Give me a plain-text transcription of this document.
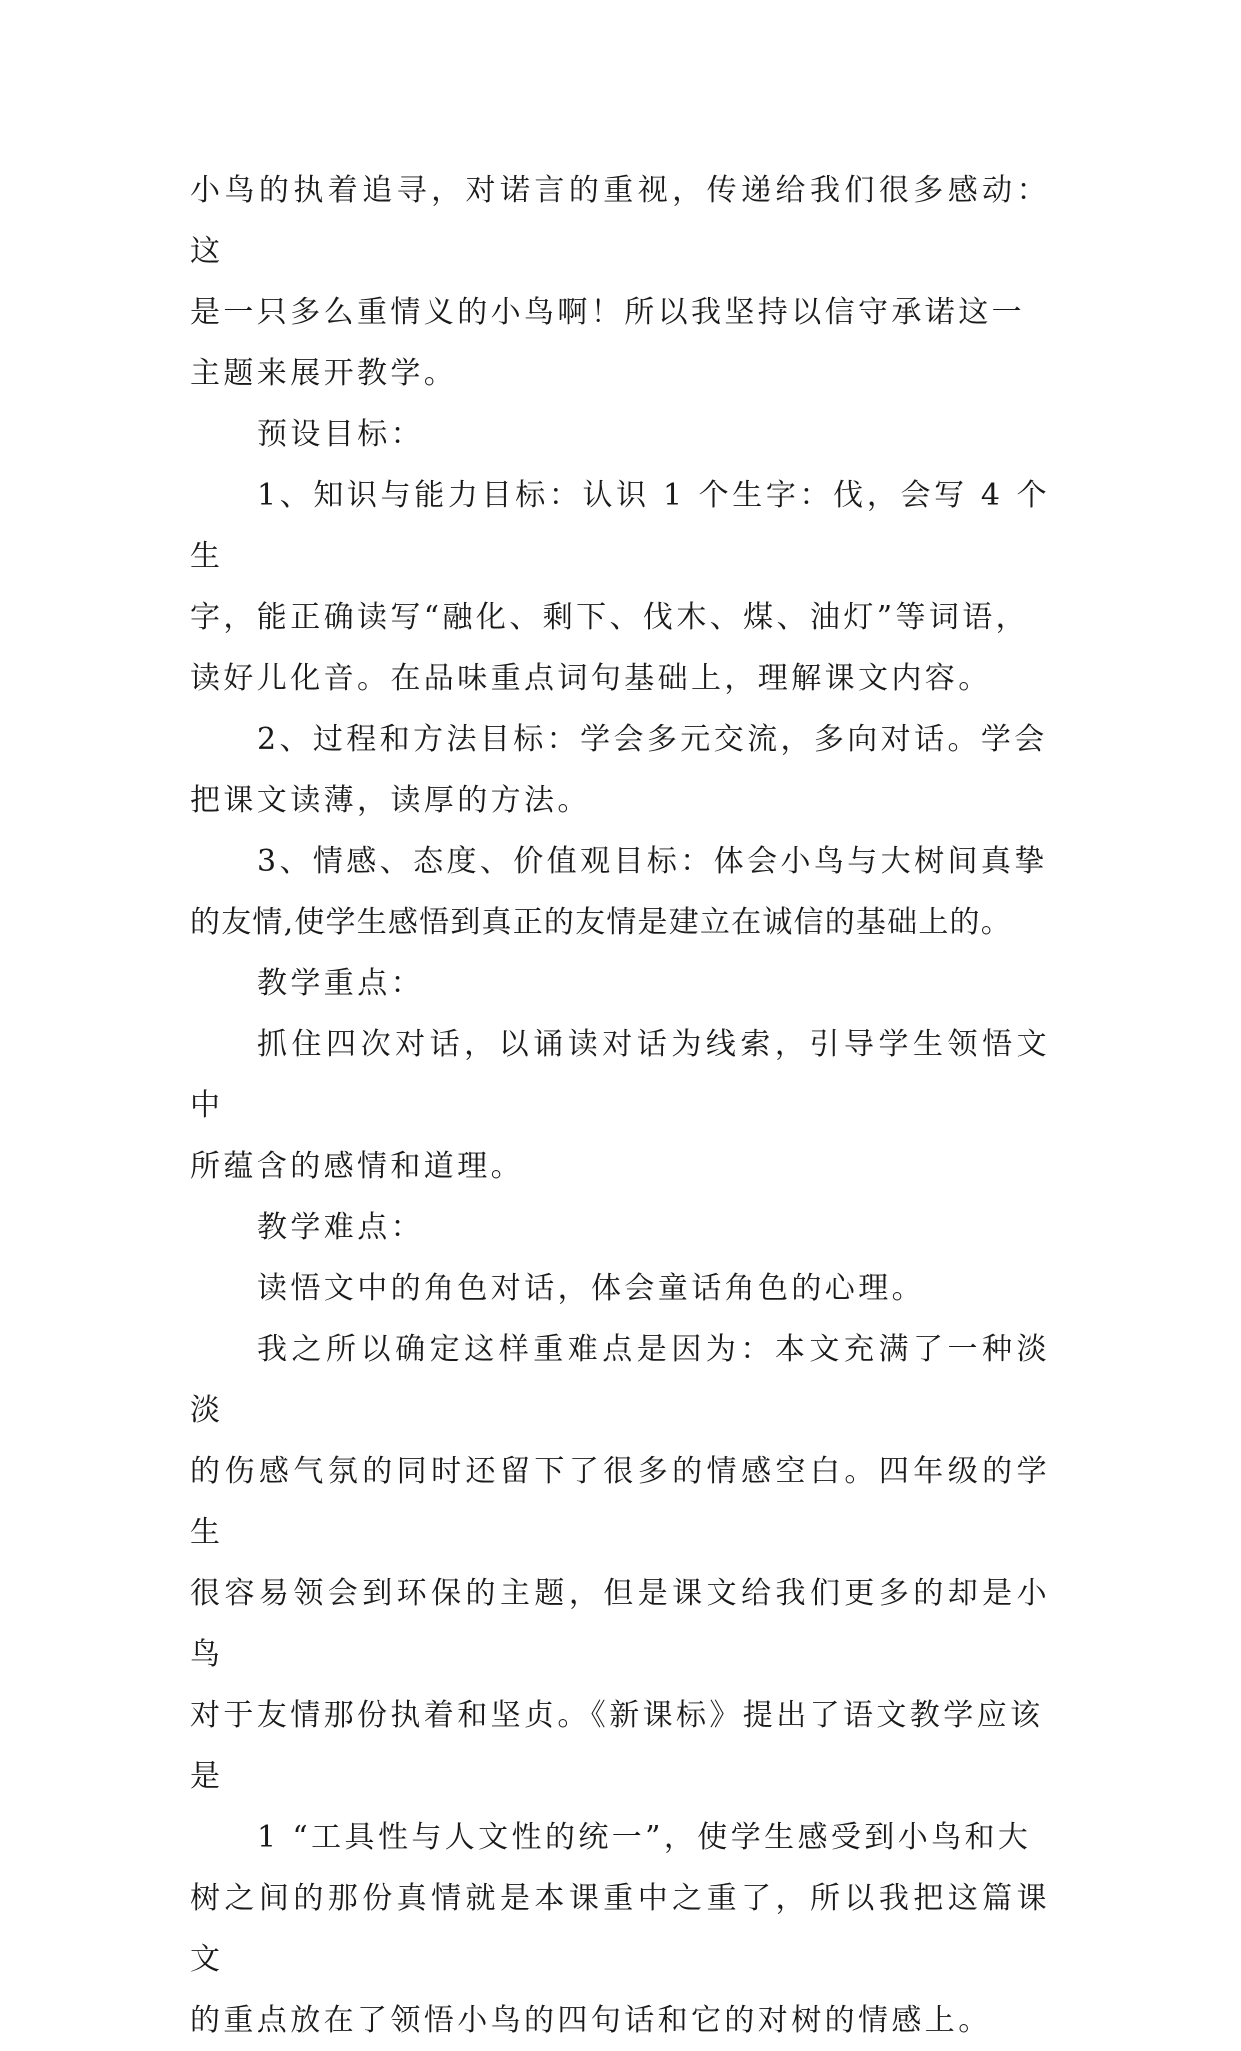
小鸟的执着追寻，对诺言的重视，传递给我们很多感动：这
是一只多么重情义的小鸟啊！所以我坚持以信守承诺这一
主题来展开教学。

预设目标：

1、知识与能力目标：认识 1 个生字：伐，会写 4 个生
字，能正确读写“融化、剩下、伐木、煤、油灯”等词语，
读好儿化音。在品味重点词句基础上，理解课文内容。

2、过程和方法目标：学会多元交流，多向对话。学会
把课文读薄，读厚的方法。

3、情感、态度、价值观目标：体会小鸟与大树间真挚
的友情,使学生感悟到真正的友情是建立在诚信的基础上的。

教学重点：

抓住四次对话，以诵读对话为线索，引导学生领悟文中
所蕴含的感情和道理。

教学难点：

读悟文中的角色对话，体会童话角色的心理。

我之所以确定这样重难点是因为：本文充满了一种淡淡
的伤感气氛的同时还留下了很多的情感空白。四年级的学生
很容易领会到环保的主题，但是课文给我们更多的却是小鸟
对于友情那份执着和坚贞。《新课标》提出了语文教学应该
是

1 “工具性与人文性的统一”，使学生感受到小鸟和大
树之间的那份真情就是本课重中之重了，所以我把这篇课文
的重点放在了领悟小鸟的四句话和它的对树的情感上。
